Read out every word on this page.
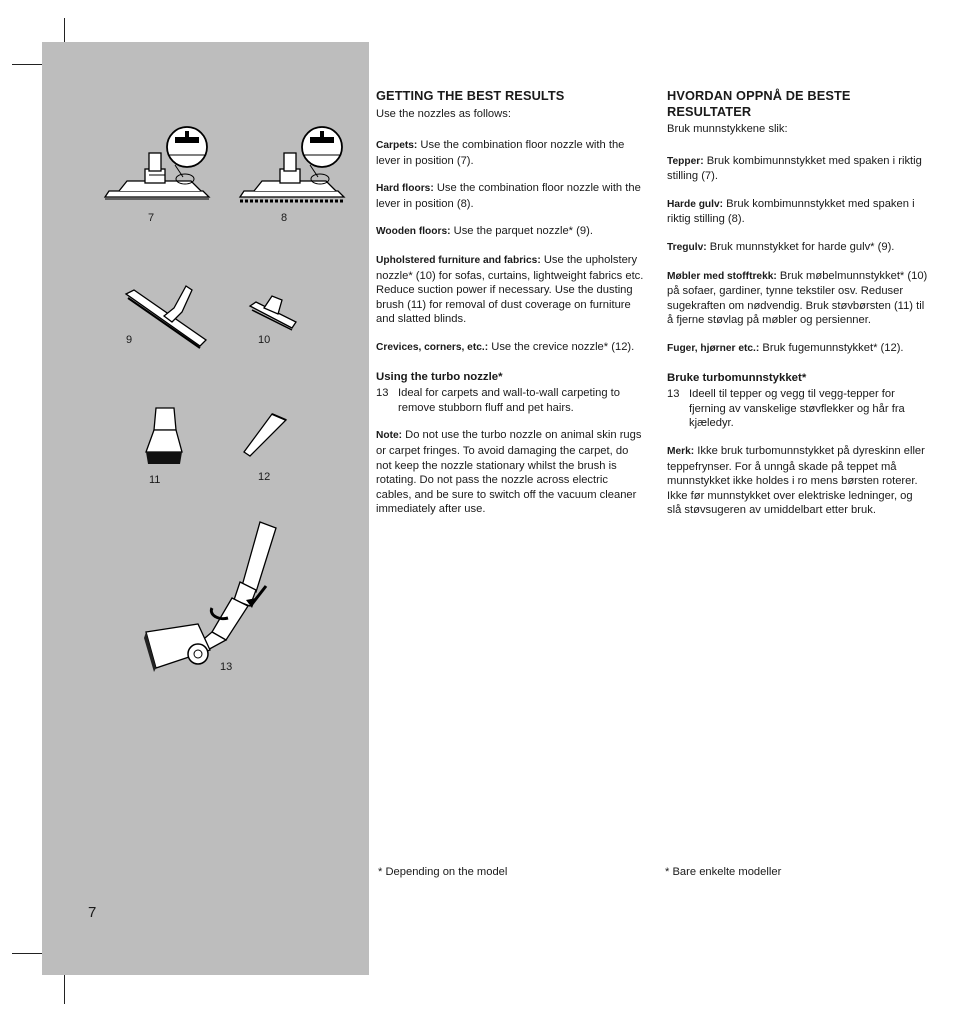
7	8
9	10
11	12
13
7
GETTING THE BEST RESULTS

Use the nozzles as follows:

Carpets: Use the combination floor nozzle with the lever in position (7).

Hard floors: Use the combination floor nozzle with the lever in position (8).

Wooden floors: Use the parquet nozzle* (9).

Upholstered furniture and fabrics: Use the upholstery nozzle* (10) for sofas, curtains, lightweight fabrics etc. Reduce suction power if necessary. Use the dusting brush (11) for removal of dust coverage on furniture and slatted blinds.

Crevices, corners, etc.: Use the crevice nozzle* (12).

Using the turbo nozzle*
13 Ideal for carpets and wall-to-wall carpeting to remove stubborn fluff and pet hairs.

Note: Do not use the turbo nozzle on animal skin rugs or carpet fringes. To avoid damaging the carpet, do not keep the nozzle stationary whilst the brush is rotating. Do not pass the nozzle across electric cables, and be sure to switch off the vacuum cleaner immediately after use.

HVORDAN OPPNÅ DE BESTE RESULTATER

Bruk munnstykkene slik:

Tepper: Bruk kombimunnstykket med spaken i riktig stilling (7).

Harde gulv: Bruk kombimunnstykket med spaken i riktig stilling (8).

Tregulv: Bruk munnstykket for harde gulv* (9).

Møbler med stofftrekk: Bruk møbelmunnstykket* (10) på sofaer, gardiner, tynne tekstiler osv. Reduser sugekraften om nødvendig. Bruk støvbørsten (11) til å fjerne støvlag på møbler og persienner.

Fuger, hjørner etc.: Bruk fugemunnstykket* (12).

Bruke turbomunnstykket*
13 Ideell til tepper og vegg til vegg-tepper for fjerning av vanskelige støvflekker og hår fra kjæledyr.

Merk: Ikke bruk turbomunnstykket på dyreskinn eller teppefrynser. For å unngå skade på teppet må munnstykket ikke holdes i ro mens børsten roterer. Ikke før munnstykket over elektriske ledninger, og slå støvsugeren av umiddelbart etter bruk.

* Depending on the model	* Bare enkelte modeller
